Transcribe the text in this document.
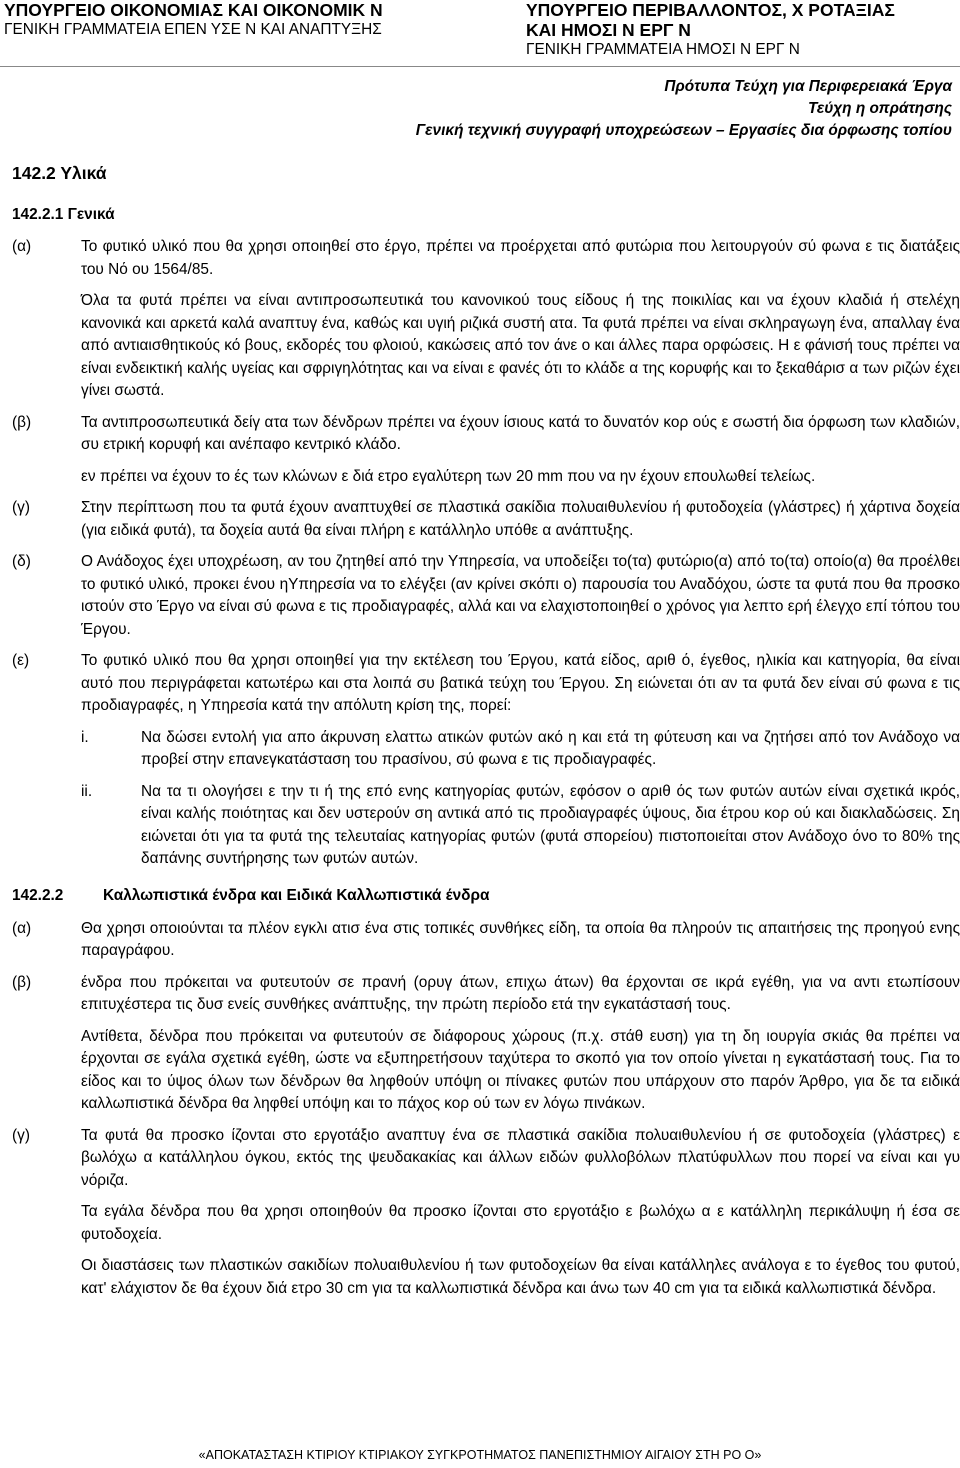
ΥΠΟΥΡΓΕΙΟ ΟΙΚΟΝΟΜΙΑΣ ΚΑΙ ΟΙΚΟΝΟΜΙΚ Ν
ΓΕΝΙΚΗ ΓΡΑΜΜΑΤΕΙΑ ΕΠΕΝ ΥΣΕ Ν ΚΑΙ ΑΝΑΠΤΥΞΗΣ
ΥΠΟΥΡΓΕΙΟ ΠΕΡΙΒΑΛΛΟΝΤΟΣ, Χ ΡΟΤΑΞΙΑΣ
ΚΑΙ ΗΜΟΣΙ Ν ΕΡΓ Ν
ΓΕΝΙΚΗ ΓΡΑΜΜΑΤΕΙΑ ΗΜΟΣΙ Ν ΕΡΓ Ν
Πρότυπα Τεύχη για Περιφερειακά Έργα
Τεύχη η οπράτησης
Γενική τεχνική συγγραφή υποχρεώσεων – Εργασίες δια όρφωσης τοπίου
142.2 Υλικά
142.2.1 Γενικά
(α)	Το φυτικό υλικό που θα χρησι οποιηθεί στο έργο, πρέπει να προέρχεται από φυτώρια που λειτουργούν σύ φωνα ε τις διατάξεις του Νό ου 1564/85.

Όλα τα φυτά πρέπει να είναι αντιπροσωπευτικά του κανονικού τους είδους ή της ποικιλίας και να έχουν κλαδιά ή στελέχη κανονικά και αρκετά καλά αναπτυγ ένα, καθώς και υγιή ριζικά συστή ατα. Τα φυτά πρέπει να είναι σκληραγωγη ένα, απαλλαγ ένα από αντιαισθητικούς κό βους, εκδορές του φλοιού, κακώσεις από τον άνε ο και άλλες παρα ορφώσεις. Η ε φάνισή τους πρέπει να είναι ενδεικτική καλής υγείας και σφριγηλότητας και να είναι ε φανές ότι το κλάδε α της κορυφής και το ξεκαθάρισ α των ριζών έχει γίνει σωστά.

(β)	Τα αντιπροσωπευτικά δείγ ατα των δένδρων πρέπει να έχουν ίσιους κατά το δυνατόν κορ ούς ε σωστή δια όρφωση των κλαδιών, συ ετρική κορυφή και ανέπαφο κεντρικό κλάδο.

εν πρέπει να έχουν το ές των κλώνων ε διά ετρο εγαλύτερη των 20 mm που να ην έχουν επουλωθεί τελείως.

(γ)	Στην περίπτωση που τα φυτά έχουν αναπτυχθεί σε πλαστικά σακίδια πολυαιθυλενίου ή φυτοδοχεία (γλάστρες) ή χάρτινα δοχεία (για ειδικά φυτά), τα δοχεία αυτά θα είναι πλήρη ε κατάλληλο υπόθε α ανάπτυξης.

(δ)	Ο Ανάδοχος έχει υποχρέωση, αν του ζητηθεί από την Υπηρεσία, να υποδείξει το(τα) φυτώριο(α) από το(τα) οποίο(α) θα προέλθει το φυτικό υλικό, προκει ένου ηΥπηρεσία να το ελέγξει (αν κρίνει σκόπι ο) παρουσία του Αναδόχου, ώστε τα φυτά που θα προσκο ιστούν στο Έργο να είναι σύ φωνα ε τις προδιαγραφές, αλλά και να ελαχιστοποιηθεί ο χρόνος για λεπτο ερή έλεγχο επί τόπου του Έργου.

(ε)	Το φυτικό υλικό που θα χρησι οποιηθεί για την εκτέλεση του Έργου, κατά είδος, αριθ ό, έγεθος, ηλικία και κατηγορία, θα είναι αυτό που περιγράφεται κατωτέρω και στα λοιπά συ βατικά τεύχη του Έργου. Ση ειώνεται ότι αν τα φυτά δεν είναι σύ φωνα ε τις προδιαγραφές, η Υπηρεσία κατά την απόλυτη κρίση της, πορεί:

i.	Να δώσει εντολή για απο άκρυνση ελαττω ατικών φυτών ακό η και ετά τη φύτευση και να ζητήσει από τον Ανάδοχο να προβεί στην επανεγκατάσταση του πρασίνου, σύ φωνα ε τις προδιαγραφές.

ii.	Να τα τι ολογήσει ε την τι ή της επό ενης κατηγορίας φυτών, εφόσον ο αριθ ός των φυτών αυτών είναι σχετικά ικρός, είναι καλής ποιότητας και δεν υστερούν ση αντικά από τις προδιαγραφές ύψους, δια έτρου κορ ού και διακλαδώσεις. Ση ειώνεται ότι για τα φυτά της τελευταίας κατηγορίας φυτών (φυτά σπορείου) πιστοποιείται στον Ανάδοχο όνο το 80% της δαπάνης συντήρησης των φυτών αυτών.

142.2.2	Καλλωπιστικά ένδρα και Ειδικά Καλλωπιστικά ένδρα
(α)	Θα χρησι οποιούνται τα πλέον εγκλι ατισ ένα στις τοπικές συνθήκες είδη, τα οποία θα πληρούν τις απαιτήσεις της προηγού ενης παραγράφου.

(β)	ένδρα που πρόκειται να φυτευτούν σε πρανή (ορυγ άτων, επιχω άτων) θα έρχονται σε ικρά εγέθη, για να αντι ετωπίσουν επιτυχέστερα τις δυσ ενείς συνθήκες ανάπτυξης, την πρώτη περίοδο ετά την εγκατάστασή τους.

Αντίθετα, δένδρα που πρόκειται να φυτευτούν σε διάφορους χώρους (π.χ. στάθ ευση) για τη δη ιουργία σκιάς θα πρέπει να έρχονται σε εγάλα σχετικά εγέθη, ώστε να εξυπηρετήσουν ταχύτερα το σκοπό για τον οποίο γίνεται η εγκατάστασή τους. Για το είδος και το ύψος όλων των δένδρων θα ληφθούν υπόψη οι πίνακες φυτών που υπάρχουν στο παρόν Άρθρο, για δε τα ειδικά καλλωπιστικά δένδρα θα ληφθεί υπόψη και το πάχος κορ ού των εν λόγω πινάκων.

(γ)	Τα φυτά θα προσκο ίζονται στο εργοτάξιο αναπτυγ ένα σε πλαστικά σακίδια πολυαιθυλενίου ή σε φυτοδοχεία (γλάστρες) ε βωλόχω α κατάλληλου όγκου, εκτός της ψευδακακίας και άλλων ειδών φυλλοβόλων πλατύφυλλων που πορεί να είναι και γυ νόριζα.

Τα εγάλα δένδρα που θα χρησι οποιηθούν θα προσκο ίζονται στο εργοτάξιο ε βωλόχω α ε κατάλληλη περικάλυψη ή έσα σε φυτοδοχεία.

Οι διαστάσεις των πλαστικών σακιδίων πολυαιθυλενίου ή των φυτοδοχείων θα είναι κατάλληλες ανάλογα ε το έγεθος του φυτού, κατ' ελάχιστον δε θα έχουν διά ετρο 30 cm για τα καλλωπιστικά δένδρα και άνω των 40 cm για τα ειδικά καλλωπιστικά δένδρα.

«ΑΠΟΚΑΤΑΣΤΑΣΗ ΚΤΙΡΙΟΥ ΚΤΙΡΙΑΚΟΥ ΣΥΓΚΡΟΤΗΜΑΤΟΣ ΠΑΝΕΠΙΣΤΗΜΙΟΥ ΑΙΓΑΙΟΥ ΣΤΗ ΡΟ Ο»
